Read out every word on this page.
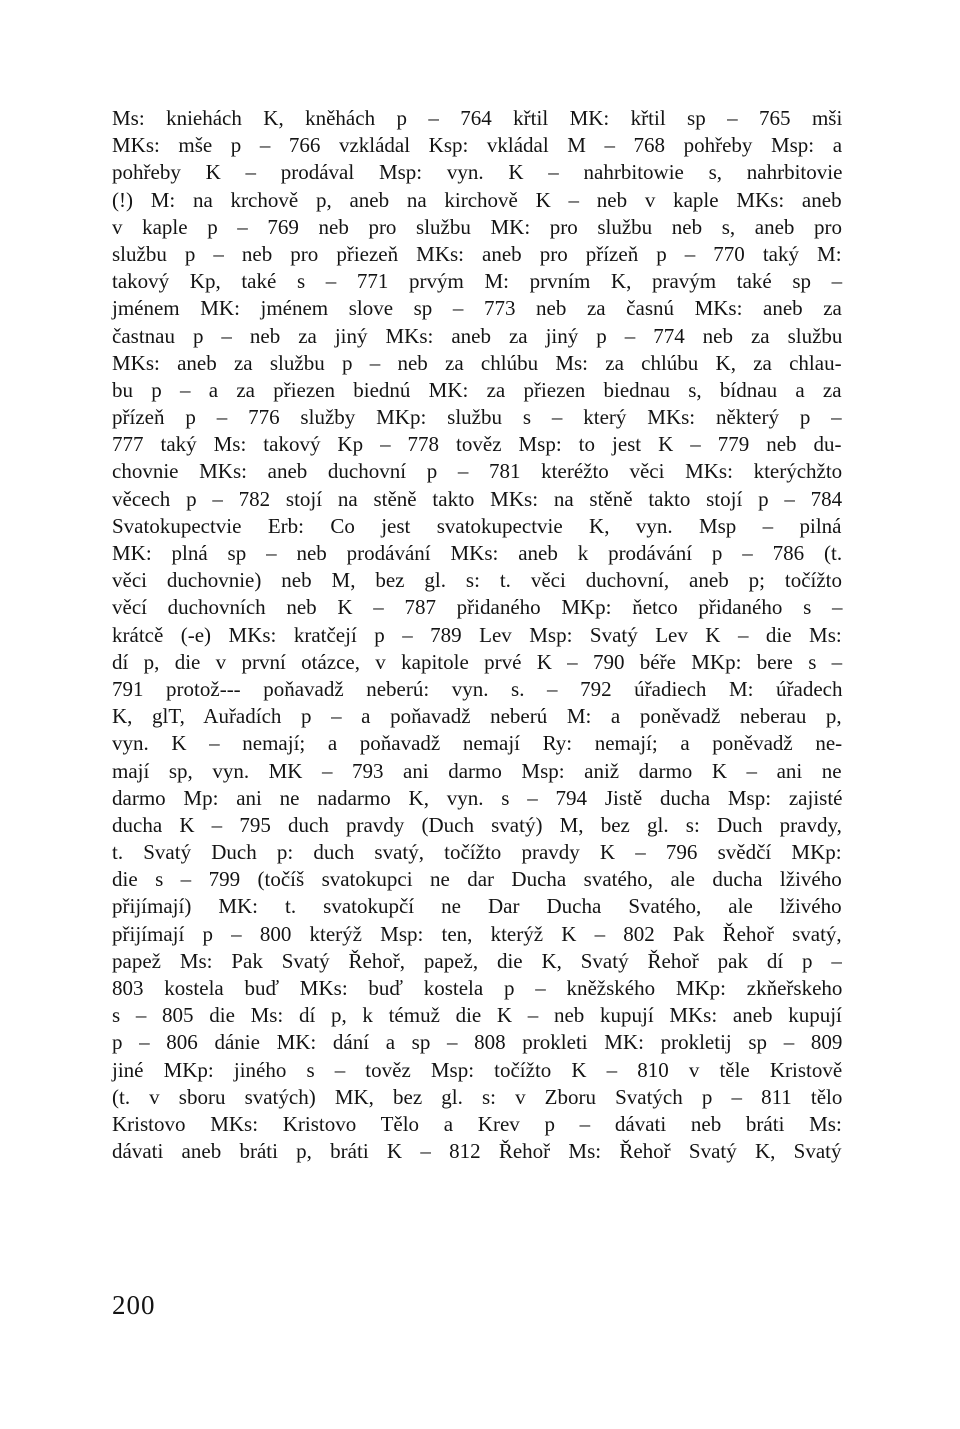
Ms: kniehách K, kněhách p – 764 křtil MK: křtil sp – 765 mši
MKs: mše p – 766 vzkládal Ksp: vkládal M – 768 pohřeby Msp: a
pohřeby K – prodával Msp: vyn. K – nahrbitowie s, nahrbitovie
(!) M: na krchově p, aneb na kirchově K – neb v kaple MKs: aneb
v kaple p – 769 neb pro službu MK: pro službu neb s, aneb pro
službu p – neb pro přiezeň MKs: aneb pro přízeň p – 770 taký M:
takový Kp, také s – 771 prvým M: prvním K, pravým také sp –
jménem MK: jménem slove sp – 773 neb za časnú MKs: aneb za
častnau p – neb za jiný MKs: aneb za jiný p – 774 neb za službu
MKs: aneb za službu p – neb za chlúbu Ms: za chlúbu K, za chlau-
bu p – a za přiezen biednú MK: za přiezen biednau s, bídnau a za
přízeň p – 776 služby MKp: službu s – který MKs: některý p –
777 taký Ms: takový Kp – 778 tověz Msp: to jest K – 779 neb du-
chovnie MKs: aneb duchovní p – 781 kteréžto věci MKs: kterýchžto
věcech p – 782 stojí na stěně takto MKs: na stěně takto stojí p – 784
Svatokupectvie Erb: Co jest svatokupectvie K, vyn. Msp – pilná
MK: plná sp – neb prodávání MKs: aneb k prodávání p – 786 (t.
věci duchovnie) neb M, bez gl. s: t. věci duchovní, aneb p; točížto
věcí duchovních neb K – 787 přidaného MKp: ňetco přidaného s –
krátcě (-e) MKs: kratčejí p – 789 Lev Msp: Svatý Lev K – die Ms:
dí p, die v první otázce, v kapitole prvé K – 790 béře MKp: bere s –
791 protož--- poňavadž neberú: vyn. s. – 792 úřadiech M: úřadech
K, glT, Auřadích p – a poňavadž neberú M: a poněvadž neberau p,
vyn. K – nemají; a poňavadž nemají Ry: nemají; a poněvadž ne-
mají sp, vyn. MK – 793 ani darmo Msp: aniž darmo K – ani ne
darmo Mp: ani ne nadarmo K, vyn. s – 794 Jistě ducha Msp: zajisté
ducha K – 795 duch pravdy (Duch svatý) M, bez gl. s: Duch pravdy,
t. Svatý Duch p: duch svatý, točížto pravdy K – 796 svědčí MKp:
die s – 799 (točíš svatokupci ne dar Ducha svatého, ale ducha lživého
přijímají) MK: t. svatokupčí ne Dar Ducha Svatého, ale lživého
přijímají p – 800 kterýž Msp: ten, kterýž K – 802 Pak Řehoř svatý,
papež Ms: Pak Svatý Řehoř, papež, die K, Svatý Řehoř pak dí p –
803 kostela buď MKs: buď kostela p – kněžského MKp: zkňeřskeho
s – 805 die Ms: dí p, k témuž die K – neb kupují MKs: aneb kupují
p – 806 dánie MK: dání a sp – 808 prokleti MK: prokletij sp – 809
jiné MKp: jiného s – tověz Msp: točížto K – 810 v těle Kristově
(t. v sboru svatých) MK, bez gl. s: v Zboru Svatých p – 811 tělo
Kristovo MKs: Kristovo Tělo a Krev p – dávati neb bráti Ms:
dávati aneb bráti p, bráti K – 812 Řehoř Ms: Řehoř Svatý K, Svatý
200
